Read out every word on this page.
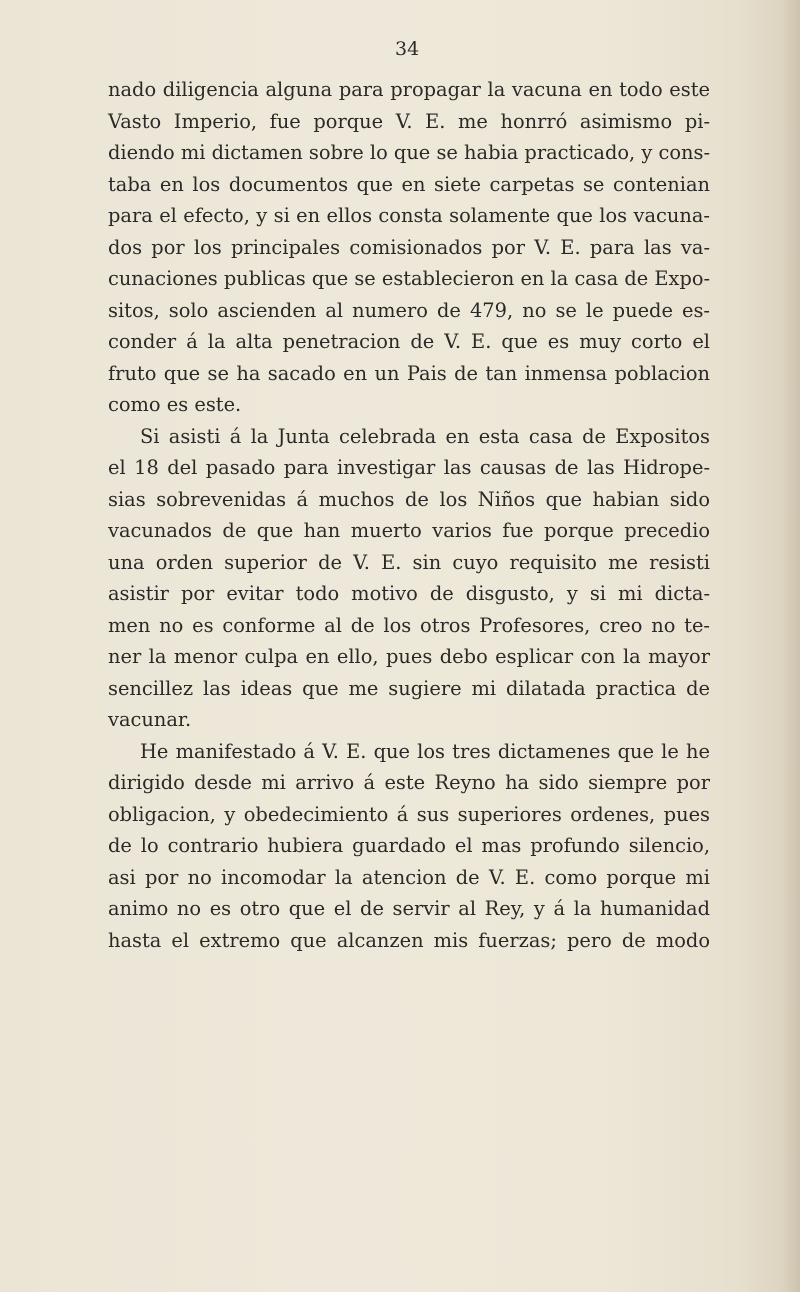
34

nado diligencia alguna para propagar la vacuna en todo este
Vasto Imperio, fue porque V. E. me honrró asimismo pi-
diendo mi dictamen sobre lo que se habia practicado, y cons-
taba en los documentos que en siete carpetas se contenian
para el efecto, y si en ellos consta solamente que los vacuna-
dos por los principales comisionados por V. E. para las va-
cunaciones publicas que se establecieron en la casa de Expo-
sitos, solo ascienden al numero de 479, no se le puede es-
conder á la alta penetracion de V. E. que es muy corto el
fruto que se ha sacado en un Pais de tan inmensa poblacion
como es este.
Si asisti á la Junta celebrada en esta casa de Expositos
el 18 del pasado para investigar las causas de las Hidrope-
sias sobrevenidas á muchos de los Niños que habian sido
vacunados de que han muerto varios fue porque precedio
una orden superior de V. E. sin cuyo requisito me resisti
asistir por evitar todo motivo de disgusto, y si mi dicta-
men no es conforme al de los otros Profesores, creo no te-
ner la menor culpa en ello, pues debo esplicar con la mayor
sencillez las ideas que me sugiere mi dilatada practica de
vacunar.
He manifestado á V. E. que los tres dictamenes que le he
dirigido desde mi arrivo á este Reyno ha sido siempre por
obligacion, y obedecimiento á sus superiores ordenes, pues
de lo contrario hubiera guardado el mas profundo silencio,
asi por no incomodar la atencion de V. E. como porque mi
animo no es otro que el de servir al Rey, y á la humanidad
hasta el extremo que alcanzen mis fuerzas; pero de modo
